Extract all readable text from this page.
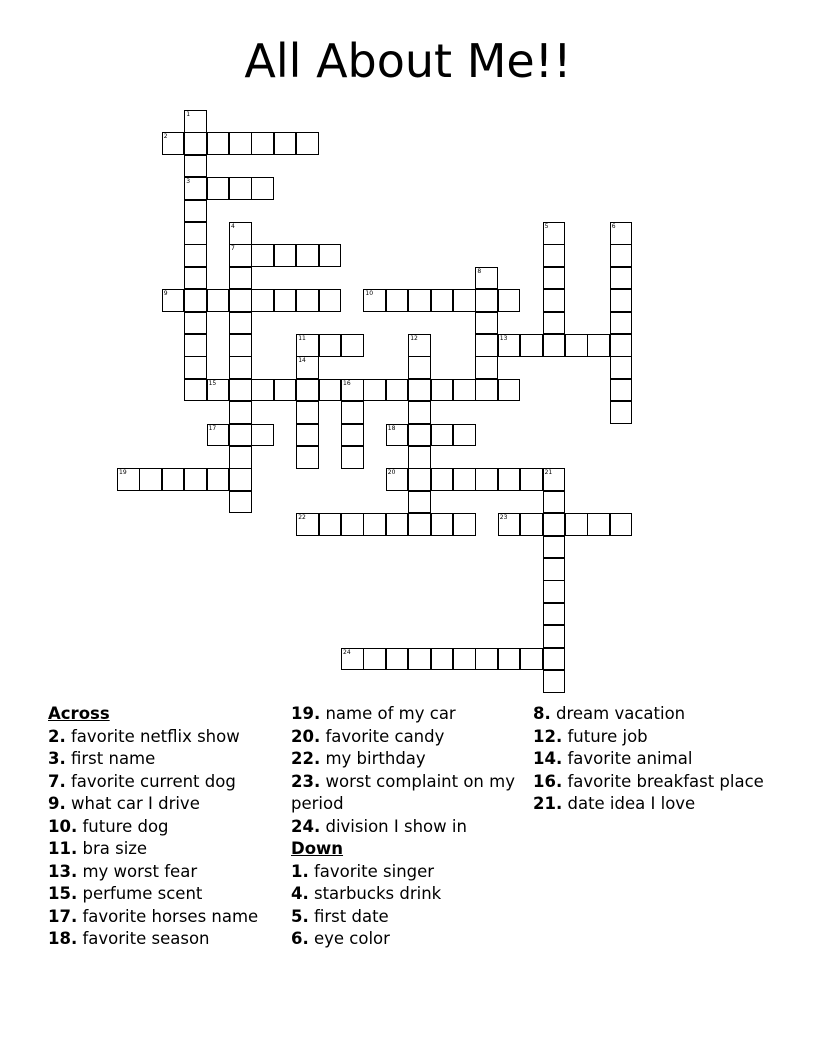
All About Me!!
2
3
7
9	10
11	13
15	16
17	18
19	20	21
22	23
24
1
4	5	6
8
12
14
Across
2. favorite netflix show
3. first name
7. favorite current dog
9. what car I drive
10. future dog
11. bra size
13. my worst fear
15. perfume scent
17. favorite horses name
18. favorite season
19. name of my car
20. favorite candy
22. my birthday
23. worst complaint on my period
24. division I show in
Down
1. favorite singer
4. starbucks drink
5. first date
6. eye color
8. dream vacation
12. future job
14. favorite animal
16. favorite breakfast place
21. date idea I love
